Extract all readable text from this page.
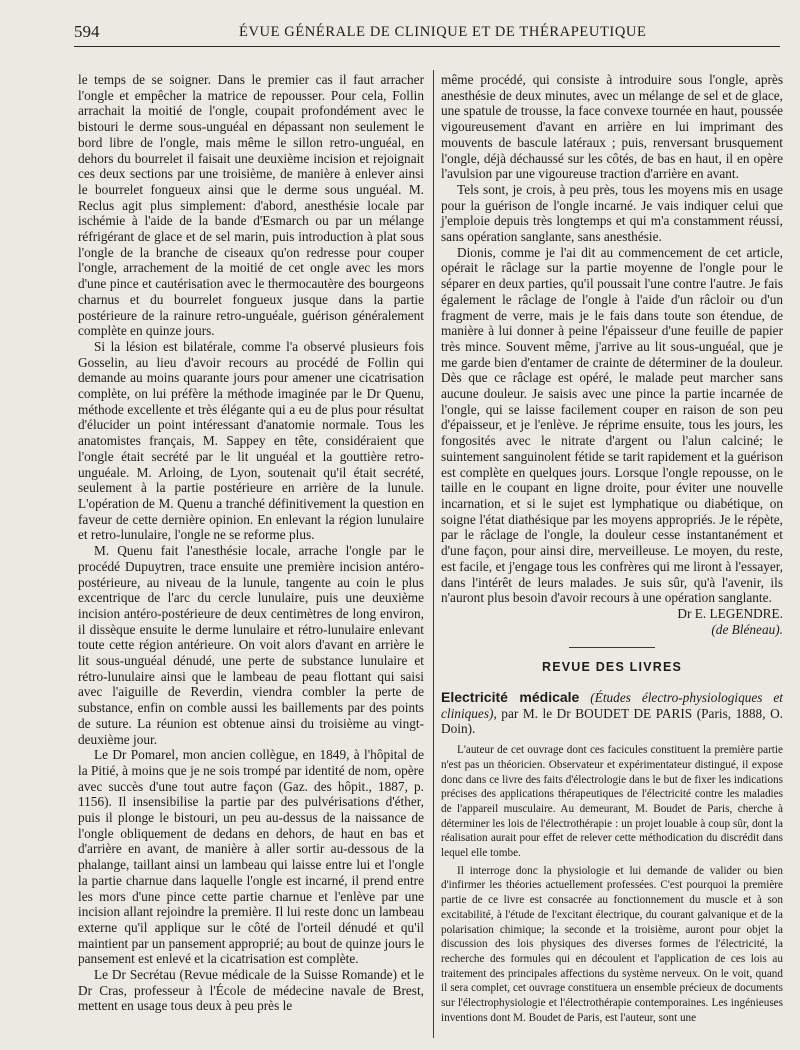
594	ÉVUE GÉNÉRALE DE CLINIQUE ET DE THÉRAPEUTIQUE

le temps de se soigner. Dans le premier cas il faut arracher l'ongle et empêcher la matrice de repousser. Pour cela, Follin arrachait la moitié de l'ongle, coupait profondément avec le bistouri le derme sous-unguéal en dépassant non seulement le bord libre de l'ongle, mais même le sillon retro-unguéal, en dehors du bourrelet il faisait une deuxième incision et rejoignait ces deux sections par une troisième, de manière à enlever ainsi le bourrelet fongueux ainsi que le derme sous unguéal. M. Reclus agit plus simplement: d'abord, anesthésie locale par ischémie à l'aide de la bande d'Esmarch ou par un mélange réfrigérant de glace et de sel marin, puis introduction à plat sous l'ongle de la branche de ciseaux qu'on redresse pour couper l'ongle, arrachement de la moitié de cet ongle avec les mors d'une pince et cautérisation avec le thermocautère des bourgeons charnus et du bourrelet fongueux jusque dans la partie postérieure de la rainure retro-unguéale, guérison généralement complète en quinze jours.

Si la lésion est bilatérale, comme l'a observé plusieurs fois Gosselin, au lieu d'avoir recours au procédé de Follin qui demande au moins quarante jours pour amener une cicatrisation complète, on lui préfère la méthode imaginée par le Dr Quenu, méthode excellente et très élégante qui a eu de plus pour résultat d'élucider un point intéressant d'anatomie normale. Tous les anatomistes français, M. Sappey en tête, considéraient que l'ongle était secrété par le lit unguéal et la gouttière retro-unguéale. M. Arloing, de Lyon, soutenait qu'il était secrété, seulement à la partie postérieure en arrière de la lunule. L'opération de M. Quenu a tranché définitivement la question en faveur de cette dernière opinion. En enlevant la région lunulaire et retro-lunulaire, l'ongle ne se reforme plus.

M. Quenu fait l'anesthésie locale, arrache l'ongle par le procédé Dupuytren, trace ensuite une première incision antéro-postérieure, au niveau de la lunule, tangente au coin le plus excentrique de l'arc du cercle lunulaire, puis une deuxième incision antéro-postérieure de deux centimètres de long environ, il dissèque ensuite le derme lunulaire et rétro-lunulaire enlevant toute cette région antérieure. On voit alors d'avant en arrière le lit sous-unguéal dénudé, une perte de substance lunulaire et rétro-lunulaire ainsi que le lambeau de peau flottant qui saisi avec l'aiguille de Reverdin, viendra combler la perte de substance, enfin on comble aussi les baillements par des points de suture. La réunion est obtenue ainsi du troisième au vingt-deuxième jour.

Le Dr Pomarel, mon ancien collègue, en 1849, à l'hôpital de la Pitié, à moins que je ne sois trompé par identité de nom, opère avec succès d'une tout autre façon (Gaz. des hôpit., 1887, p. 1156). Il insensibilise la partie par des pulvérisations d'éther, puis il plonge le bistouri, un peu au-dessus de la naissance de l'ongle obliquement de dedans en dehors, de haut en bas et d'arrière en avant, de manière à aller sortir au-dessous de la phalange, taillant ainsi un lambeau qui laisse entre lui et l'ongle la partie charnue dans laquelle l'ongle est incarné, il prend entre les mors d'une pince cette partie charnue et l'enlève par une incision allant rejoindre la première. Il lui reste donc un lambeau externe qu'il applique sur le côté de l'orteil dénudé et qu'il maintient par un pansement approprié; au bout de quinze jours le pansement est enlevé et la cicatrisation est complète.

Le Dr Secrétau (Revue médicale de la Suisse Romande) et le Dr Cras, professeur à l'École de médecine navale de Brest, mettent en usage tous deux à peu près le

même procédé, qui consiste à introduire sous l'ongle, après anesthésie de deux minutes, avec un mélange de sel et de glace, une spatule de trousse, la face convexe tournée en haut, poussée vigoureusement d'avant en arrière en lui imprimant des mouvents de bascule latéraux ; puis, renversant brusquement l'ongle, déjà déchaussé sur les côtés, de bas en haut, il en opère l'avulsion par une vigoureuse traction d'arrière en avant.

Tels sont, je crois, à peu près, tous les moyens mis en usage pour la guérison de l'ongle incarné. Je vais indiquer celui que j'emploie depuis très longtemps et qui m'a constamment réussi, sans opération sanglante, sans anesthésie.

Dionis, comme je l'ai dit au commencement de cet article, opérait le râclage sur la partie moyenne de l'ongle pour le séparer en deux parties, qu'il poussait l'une contre l'autre. Je fais également le râclage de l'ongle à l'aide d'un râcloir ou d'un fragment de verre, mais je le fais dans toute son étendue, de manière à lui donner à peine l'épaisseur d'une feuille de papier très mince. Souvent même, j'arrive au lit sous-unguéal, que je me garde bien d'entamer de crainte de déterminer de la douleur. Dès que ce râclage est opéré, le malade peut marcher sans aucune douleur. Je saisis avec une pince la partie incarnée de l'ongle, qui se laisse facilement couper en raison de son peu d'épaisseur, et je l'enlève. Je réprime ensuite, tous les jours, les fongosités avec le nitrate d'argent ou l'alun calciné; le suintement sanguinolent fétide se tarit rapidement et la guérison est complète en quelques jours. Lorsque l'ongle repousse, on le taille en le coupant en ligne droite, pour éviter une nouvelle incarnation, et si le sujet est lymphatique ou diabétique, on soigne l'état diathésique par les moyens appropriés. Je le répète, par le râclage de l'ongle, la douleur cesse instantanément et d'une façon, pour ainsi dire, merveilleuse. Le moyen, du reste, est facile, et j'engage tous les confrères qui me liront à l'essayer, dans l'intérêt de leurs malades. Je suis sûr, qu'à l'avenir, ils n'auront plus besoin d'avoir recours à une opération sanglante.

Dr E. LEGENDRE.

(de Bléneau).

REVUE DES LIVRES

Electricité médicale (Études électro-physiologiques et cliniques), par M. le Dr BOUDET DE PARIS (Paris, 1888, O. Doin).

L'auteur de cet ouvrage dont ces facicules constituent la première partie n'est pas un théoricien. Observateur et expérimentateur distingué, il expose donc dans ce livre des faits d'électrologie dans le but de fixer les indications précises des applications thérapeutiques de l'électricité contre les maladies de l'appareil musculaire. Au demeurant, M. Boudet de Paris, cherche à déterminer les lois de l'électrothérapie : un projet louable à coup sûr, dont la réalisation aurait pour effet de relever cette méthodication du discrédit dans lequel elle tombe.

Il interroge donc la physiologie et lui demande de valider ou bien d'infirmer les théories actuellement professées. C'est pourquoi la première partie de ce livre est consacrée au fonctionnement du muscle et à son excitabilité, à l'étude de l'excitant électrique, du courant galvanique et de la polarisation chimique; la seconde et la troisième, auront pour objet la discussion des lois physiques des diverses formes de l'électricité, la recherche des formules qui en découlent et l'application de ces lois au traitement des principales affections du système nerveux. On le voit, quand il sera complet, cet ouvrage constituera un ensemble précieux de documents sur l'électrophysiologie et l'électrothérapie contemporaines. Les ingénieuses inventions dont M. Boudet de Paris, est l'auteur, sont une
